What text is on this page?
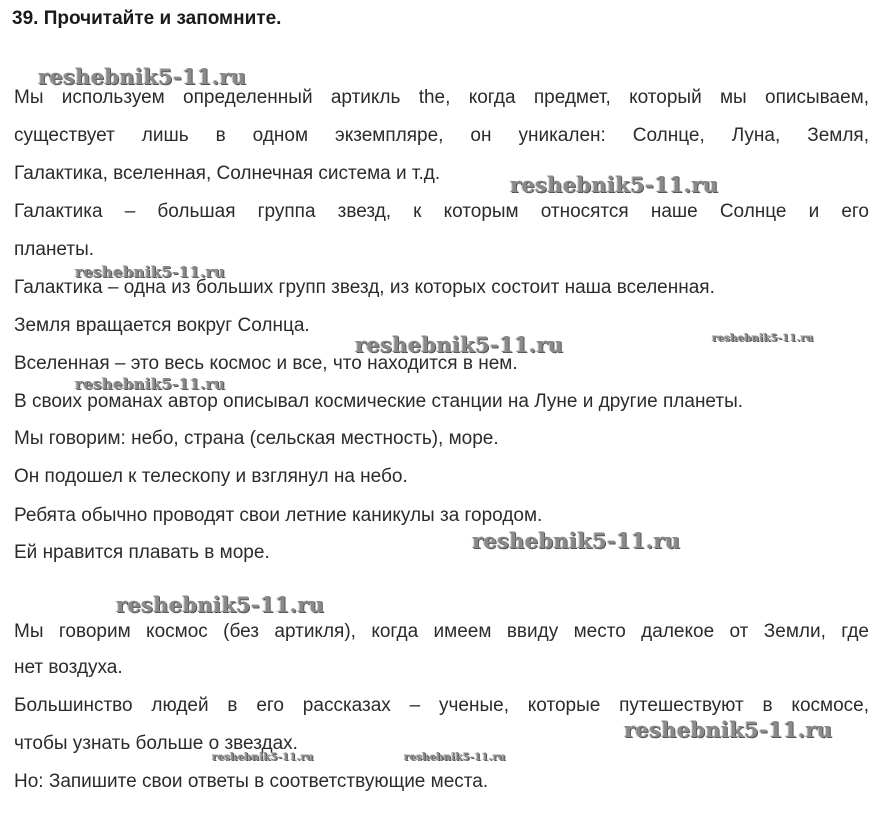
39. Прочитайте и запомните.
Мы используем определенный артикль the, когда предмет, который мы описываем,
существует лишь в одном экземпляре, он уникален: Солнце, Луна, Земля,
Галактика, вселенная, Солнечная система и т.д.
Галактика – большая группа звезд, к которым относятся наше Солнце и его
планеты.
Галактика – одна из больших групп звезд, из которых состоит наша вселенная.
Земля вращается вокруг Солнца.
Вселенная – это весь космос и все, что находится в нем.
В своих романах автор описывал космические станции на Луне и другие планеты.
Мы говорим: небо, страна (сельская местность), море.
Он подошел к телескопу и взглянул на небо.
Ребята обычно проводят свои летние каникулы за городом.
Ей нравится плавать в море.
Мы говорим космос (без артикля), когда имеем ввиду место далекое от Земли, где
нет воздуха.
Большинство людей в его рассказах – ученые, которые путешествуют в космосе,
чтобы узнать больше о звездах.
Но: Запишите свои ответы в соответствующие места.
reshebnik5-11.ru
reshebnik5-11.ru
reshebnik5-11.ru
reshebnik5-11.ru
reshebnik5-11.ru
reshebnik5-11.ru
reshebnik5-11.ru
reshebnik5-11.ru
reshebnik5-11.ru
reshebnik5-11.ru	reshebnik5-11.ru
